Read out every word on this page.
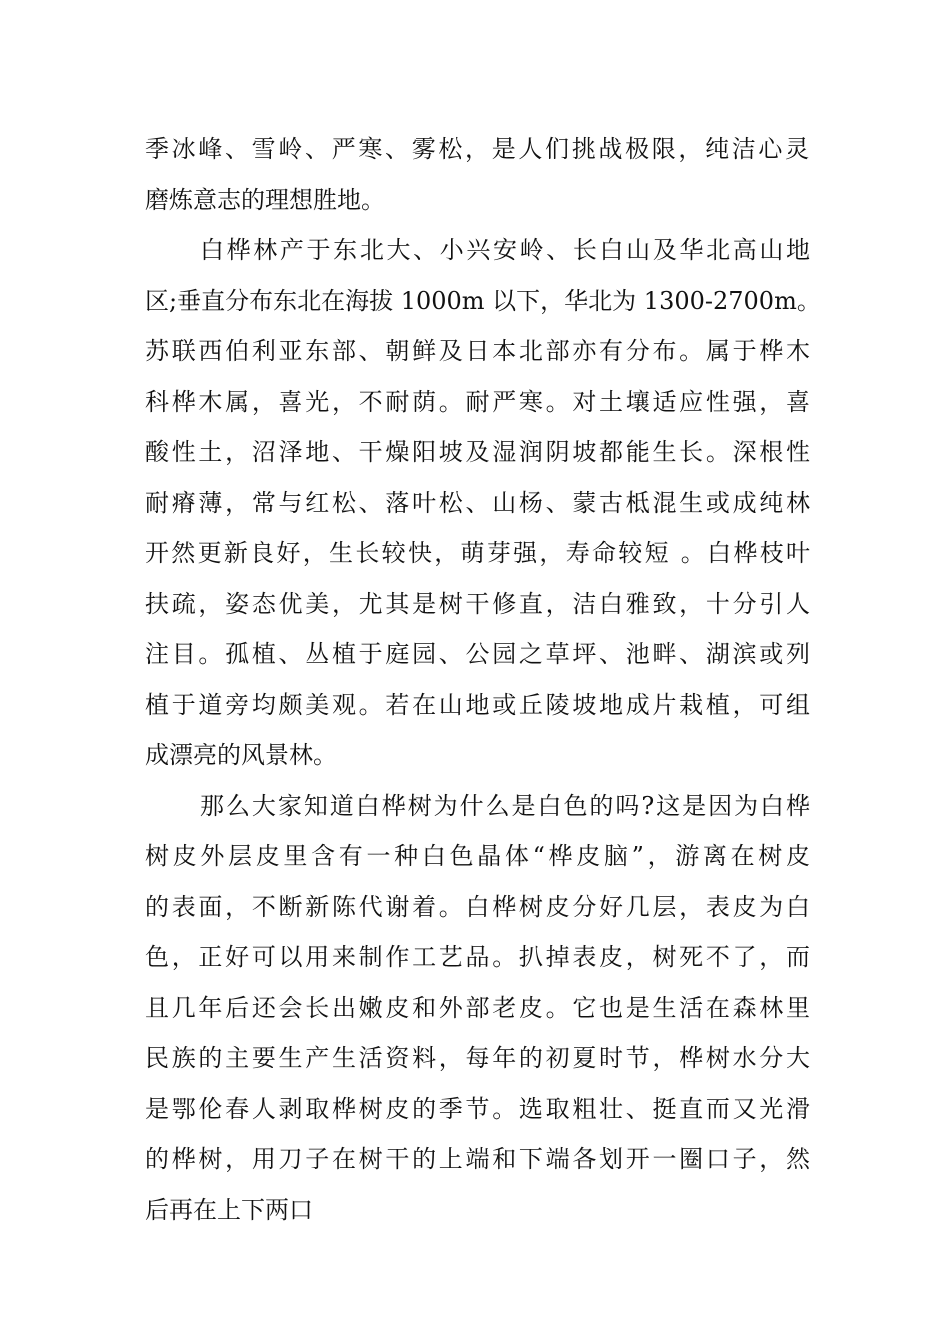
季冰峰、雪岭、严寒、雾松，是人们挑战极限，纯洁心灵
磨炼意志的理想胜地。
白桦林产于东北大、小兴安岭、长白山及华北高山地
区;垂直分布东北在海拔 1000m 以下，华北为 1300-2700m。
苏联西伯利亚东部、朝鲜及日本北部亦有分布。属于桦木
科桦木属，喜光，不耐荫。耐严寒。对土壤适应性强，喜
酸性土，沼泽地、干燥阳坡及湿润阴坡都能生长。深根性
耐瘠薄，常与红松、落叶松、山杨、蒙古柢混生或成纯林
开然更新良好，生长较快，萌芽强，寿命较短 。白桦枝叶
扶疏，姿态优美，尤其是树干修直，洁白雅致，十分引人
注目。孤植、丛植于庭园、公园之草坪、池畔、湖滨或列
植于道旁均颇美观。若在山地或丘陵坡地成片栽植，可组
成漂亮的风景林。
那么大家知道白桦树为什么是白色的吗?这是因为白桦
树皮外层皮里含有一种白色晶体“桦皮脑”，游离在树皮
的表面，不断新陈代谢着。白桦树皮分好几层，表皮为白
色，正好可以用来制作工艺品。扒掉表皮，树死不了，而
且几年后还会长出嫩皮和外部老皮。它也是生活在森林里
民族的主要生产生活资料，每年的初夏时节，桦树水分大
是鄂伦春人剥取桦树皮的季节。选取粗壮、挺直而又光滑
的桦树，用刀子在树干的上端和下端各划开一圈口子，然
后再在上下两口
